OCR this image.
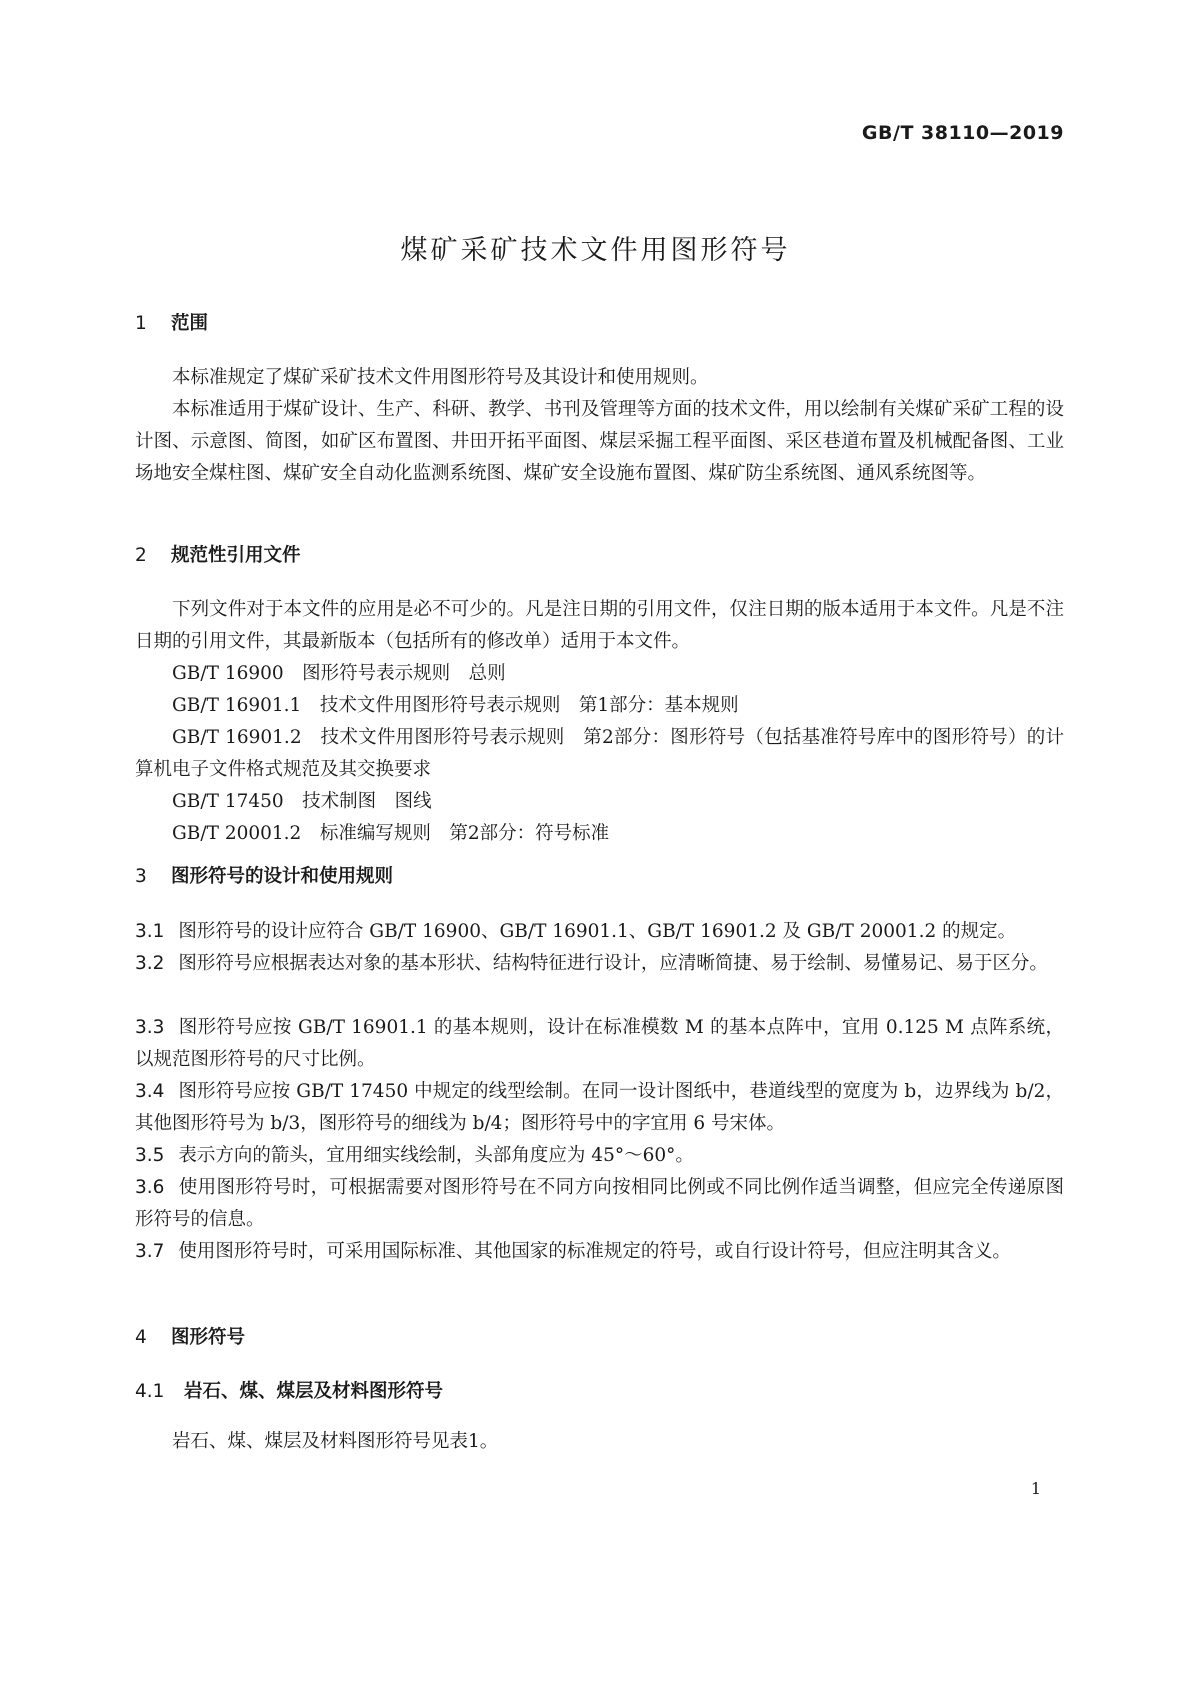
GB/T 38110—2019
煤矿采矿技术文件用图形符号
1 范围
本标准规定了煤矿采矿技术文件用图形符号及其设计和使用规则。
本标准适用于煤矿设计、生产、科研、教学、书刊及管理等方面的技术文件，用以绘制有关煤矿采矿工程的设计图、示意图、简图，如矿区布置图、井田开拓平面图、煤层采掘工程平面图、采区巷道布置及机械配备图、工业场地安全煤柱图、煤矿安全自动化监测系统图、煤矿安全设施布置图、煤矿防尘系统图、通风系统图等。
2 规范性引用文件
下列文件对于本文件的应用是必不可少的。凡是注日期的引用文件，仅注日期的版本适用于本文件。凡是不注日期的引用文件，其最新版本（包括所有的修改单）适用于本文件。
GB/T 16900　图形符号表示规则　总则
GB/T 16901.1　技术文件用图形符号表示规则　第1部分：基本规则
GB/T 16901.2　技术文件用图形符号表示规则　第2部分：图形符号（包括基准符号库中的图形符号）的计算机电子文件格式规范及其交换要求
GB/T 17450　技术制图　图线
GB/T 20001.2　标准编写规则　第2部分：符号标准
3 图形符号的设计和使用规则
3.1 图形符号的设计应符合 GB/T 16900、GB/T 16901.1、GB/T 16901.2 及 GB/T 20001.2 的规定。
3.2 图形符号应根据表达对象的基本形状、结构特征进行设计，应清晰简捷、易于绘制、易懂易记、易于区分。
3.3 图形符号应按 GB/T 16901.1 的基本规则，设计在标准模数 M 的基本点阵中，宜用 0.125 M 点阵系统，以规范图形符号的尺寸比例。
3.4 图形符号应按 GB/T 17450 中规定的线型绘制。在同一设计图纸中，巷道线型的宽度为 b，边界线为 b/2，其他图形符号为 b/3，图形符号的细线为 b/4；图形符号中的字宜用 6 号宋体。
3.5 表示方向的箭头，宜用细实线绘制，头部角度应为 45°～60°。
3.6 使用图形符号时，可根据需要对图形符号在不同方向按相同比例或不同比例作适当调整，但应完全传递原图形符号的信息。
3.7 使用图形符号时，可采用国际标准、其他国家的标准规定的符号，或自行设计符号，但应注明其含义。
4 图形符号
4.1 岩石、煤、煤层及材料图形符号
岩石、煤、煤层及材料图形符号见表1。
1
